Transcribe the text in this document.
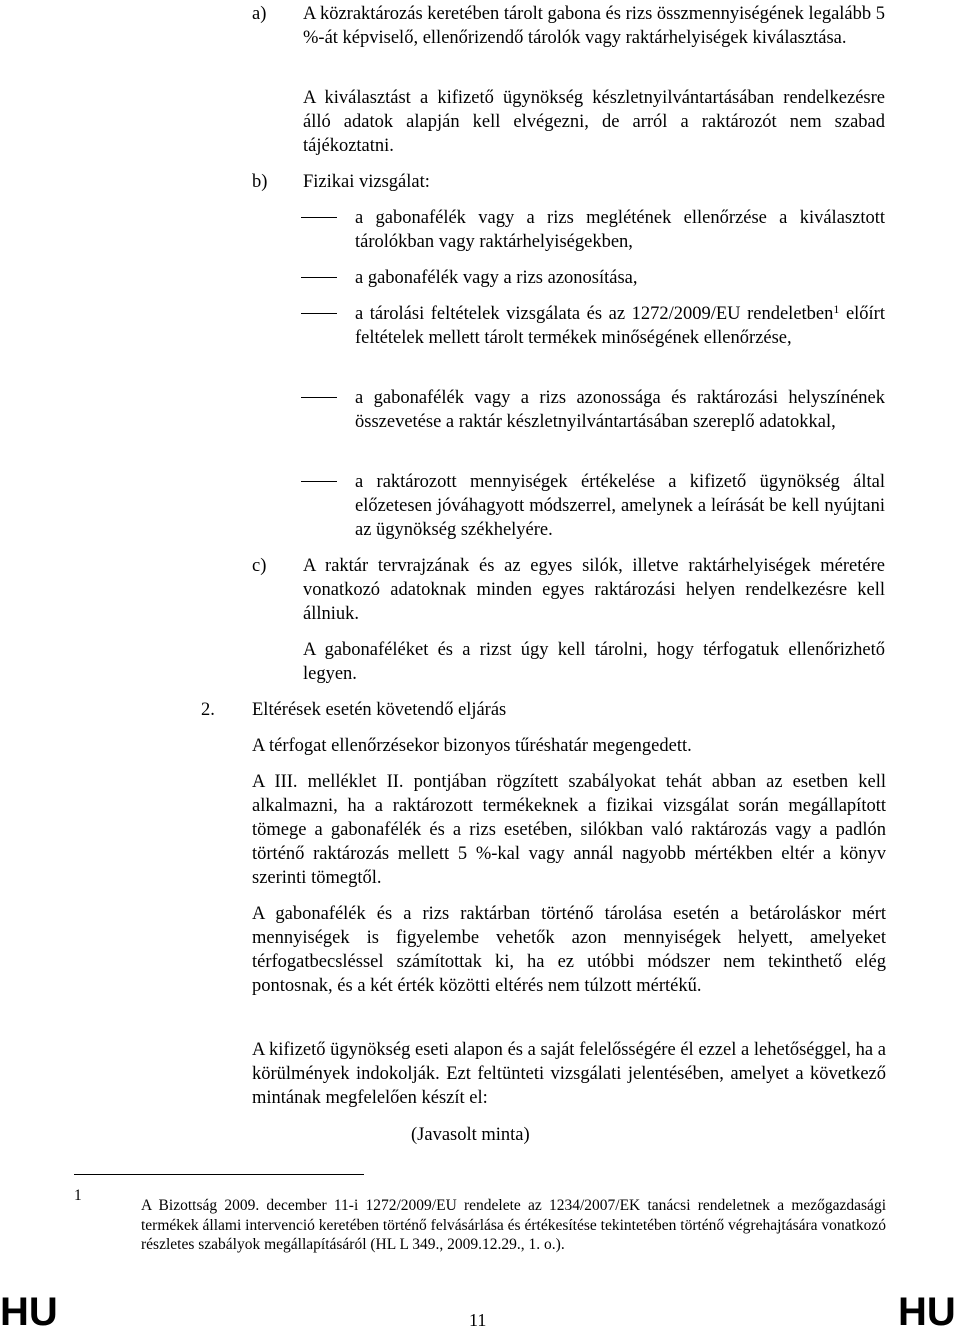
a) A közraktározás keretében tárolt gabona és rizs összmennyiségének legalább 5 %-át képviselő, ellenőrizendő tárolók vagy raktárhelyiségek kiválasztása.

A kiválasztást a kifizető ügynökség készletnyilvántartásában rendelkezésre álló adatok alapján kell elvégezni, de arról a raktározót nem szabad tájékoztatni.

b) Fizikai vizsgálat:

a gabonafélék vagy a rizs meglétének ellenőrzése a kiválasztott tárolókban vagy raktárhelyiségekben,

a gabonafélék vagy a rizs azonosítása,

a tárolási feltételek vizsgálata és az 1272/2009/EU rendeletben$^1$ előírt feltételek mellett tárolt termékek minőségének ellenőrzése,

a gabonafélék vagy a rizs azonossága és raktározási helyszínének összevetése a raktár készletnyilvántartásában szereplő adatokkal,

a raktározott mennyiségek értékelése a kifizető ügynökség által előzetesen jóváhagyott módszerrel, amelynek a leírását be kell nyújtani az ügynökség székhelyére.

c) A raktár tervrajzának és az egyes silók, illetve raktárhelyiségek méretére vonatkozó adatoknak minden egyes raktározási helyen rendelkezésre kell állniuk.

A gabonaféléket és a rizst úgy kell tárolni, hogy térfogatuk ellenőrizhető legyen.

2. Eltérések esetén követendő eljárás

A térfogat ellenőrzésekor bizonyos tűréshatár megengedett.

A III. melléklet II. pontjában rögzített szabályokat tehát abban az esetben kell alkalmazni, ha a raktározott termékeknek a fizikai vizsgálat során megállapított tömege a gabonafélék és a rizs esetében, silókban való raktározás vagy a padlón történő raktározás mellett 5 %-kal vagy annál nagyobb mértékben eltér a könyv szerinti tömegtől.

A gabonafélék és a rizs raktárban történő tárolása esetén a betároláskor mért mennyiségek is figyelembe vehetők azon mennyiségek helyett, amelyeket térfogatbecsléssel számítottak ki, ha ez utóbbi módszer nem tekinthető elég pontosnak, és a két érték közötti eltérés nem túlzott mértékű.

A kifizető ügynökség eseti alapon és a saját felelősségére él ezzel a lehetőséggel, ha a körülmények indokolják. Ezt feltünteti vizsgálati jelentésében, amelyet a következő mintának megfelelően készít el:

(Javasolt minta)

1

A Bizottság 2009. december 11-i 1272/2009/EU rendelete az 1234/2007/EK tanácsi rendeletnek a mezőgazdasági termékek állami intervenció keretében történő felvásárlása és értékesítése tekintetében történő végrehajtására vonatkozó részletes szabályok megállapításáról (HL L 349., 2009.12.29., 1. o.).

HU	11	HU
